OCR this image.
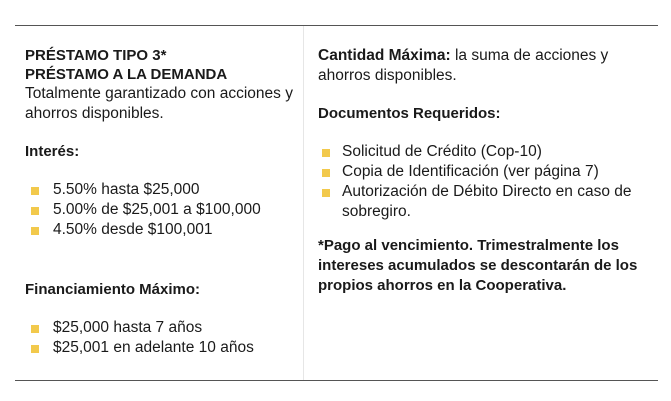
PRÉSTAMO TIPO 3*

PRÉSTAMO A LA DEMANDA

Totalmente garantizado con acciones y ahorros disponibles.

Interés:

5.50% hasta $25,000
5.00% de $25,001 a $100,000
4.50% desde $100,001

Financiamiento Máximo:

$25,000 hasta 7 años
$25,001 en adelante 10 años

Cantidad Máxima: la suma de acciones y ahorros disponibles.

Documentos Requeridos:

Solicitud de Crédito (Cop-10)
Copia de Identificación (ver página 7)
Autorización de Débito Directo en caso de sobregiro.

*Pago al vencimiento. Trimestralmente los intereses acumulados se descontarán de los propios ahorros en la Cooperativa.
